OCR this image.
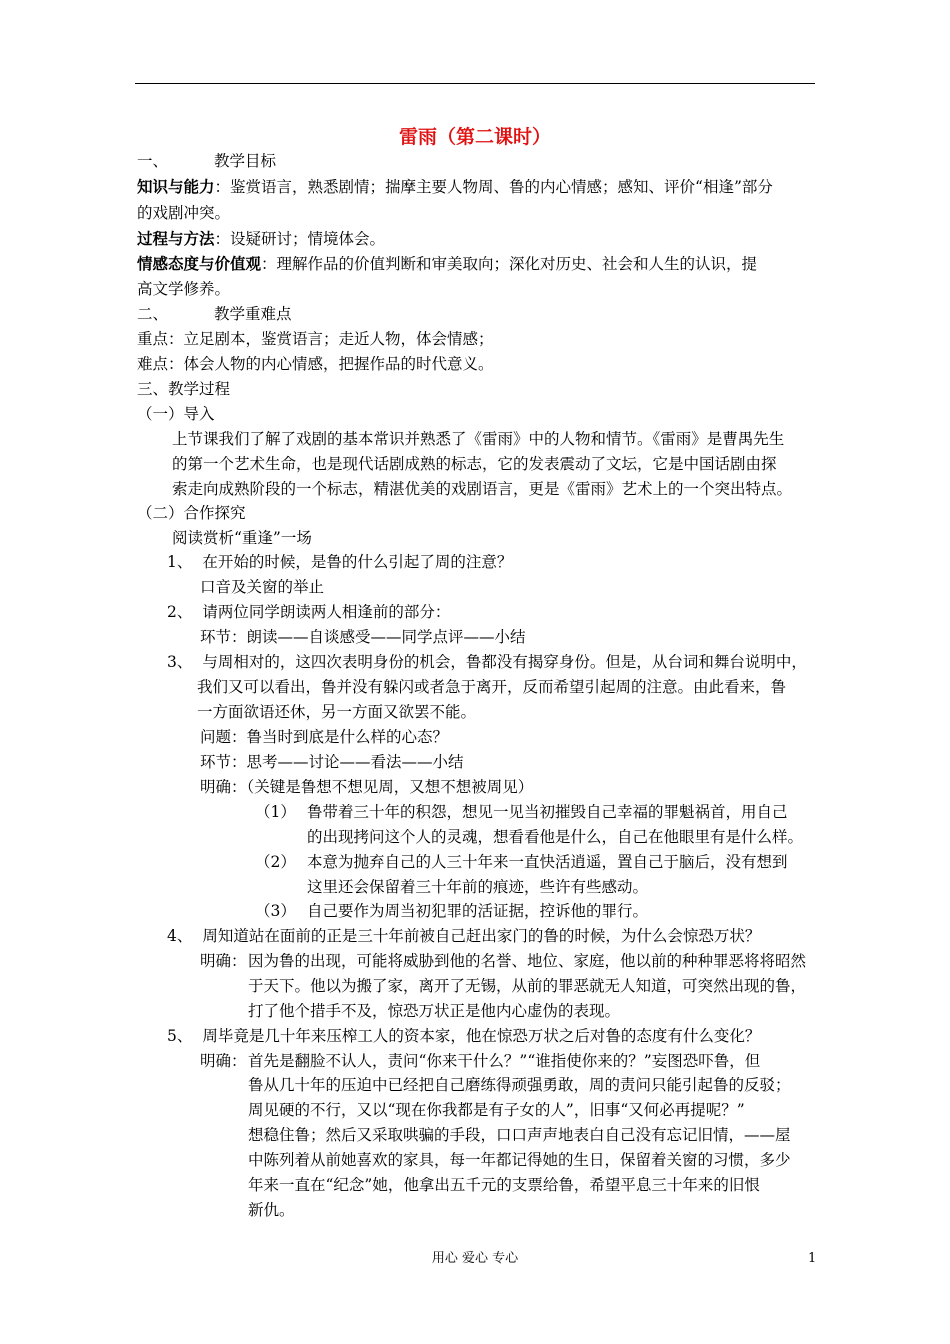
雷雨（第二课时）
一、	教学目标
知识与能力：鉴赏语言，熟悉剧情；揣摩主要人物周、鲁的内心情感；感知、评价“相逢”部分
的戏剧冲突。
过程与方法：设疑研讨；情境体会。
情感态度与价值观：理解作品的价值判断和审美取向；深化对历史、社会和人生的认识，提
高文学修养。
二、	教学重难点
重点：立足剧本，鉴赏语言；走近人物，体会情感；
难点：体会人物的内心情感，把握作品的时代意义。
三、教学过程
（一）导入
上节课我们了解了戏剧的基本常识并熟悉了《雷雨》中的人物和情节。《雷雨》是曹禺先生
的第一个艺术生命，也是现代话剧成熟的标志，它的发表震动了文坛，它是中国话剧由探
索走向成熟阶段的一个标志，精湛优美的戏剧语言，更是《雷雨》艺术上的一个突出特点。
（二）合作探究
阅读赏析“重逢”一场
1、 在开始的时候，是鲁的什么引起了周的注意？
口音及关窗的举止
2、 请两位同学朗读两人相逢前的部分：
环节：朗读——自谈感受——同学点评——小结
3、 与周相对的，这四次表明身份的机会，鲁都没有揭穿身份。但是，从台词和舞台说明中，
我们又可以看出，鲁并没有躲闪或者急于离开，反而希望引起周的注意。由此看来，鲁
一方面欲语还休，另一方面又欲罢不能。
问题：鲁当时到底是什么样的心态？
环节：思考——讨论——看法——小结
明确：（关键是鲁想不想见周，又想不想被周见）
（1） 鲁带着三十年的积怨，想见一见当初摧毁自己幸福的罪魁祸首，用自己
的出现拷问这个人的灵魂，想看看他是什么，自己在他眼里有是什么样。
（2） 本意为抛弃自己的人三十年来一直快活逍遥，置自己于脑后，没有想到
这里还会保留着三十年前的痕迹，些许有些感动。
（3） 自己要作为周当初犯罪的活证据，控诉他的罪行。
4、 周知道站在面前的正是三十年前被自己赶出家门的鲁的时候，为什么会惊恐万状？
明确： 因为鲁的出现，可能将威胁到他的名誉、地位、家庭，他以前的种种罪恶将将昭然
于天下。他以为搬了家，离开了无锡，从前的罪恶就无人知道，可突然出现的鲁，
打了他个措手不及，惊恐万状正是他内心虚伪的表现。
5、 周毕竟是几十年来压榨工人的资本家，他在惊恐万状之后对鲁的态度有什么变化？
明确： 首先是翻脸不认人，责问“你来干什么？”“谁指使你来的？”妄图恐吓鲁，但
鲁从几十年的压迫中已经把自己磨练得顽强勇敢，周的责问只能引起鲁的反驳；
周见硬的不行，又以“现在你我都是有子女的人”，旧事“又何必再提呢？”
想稳住鲁；然后又采取哄骗的手段，口口声声地表白自己没有忘记旧情，——屋
中陈列着从前她喜欢的家具，每一年都记得她的生日，保留着关窗的习惯，多少
年来一直在“纪念”她，他拿出五千元的支票给鲁，希望平息三十年来的旧恨
新仇。
用心 爱心 专心	1
